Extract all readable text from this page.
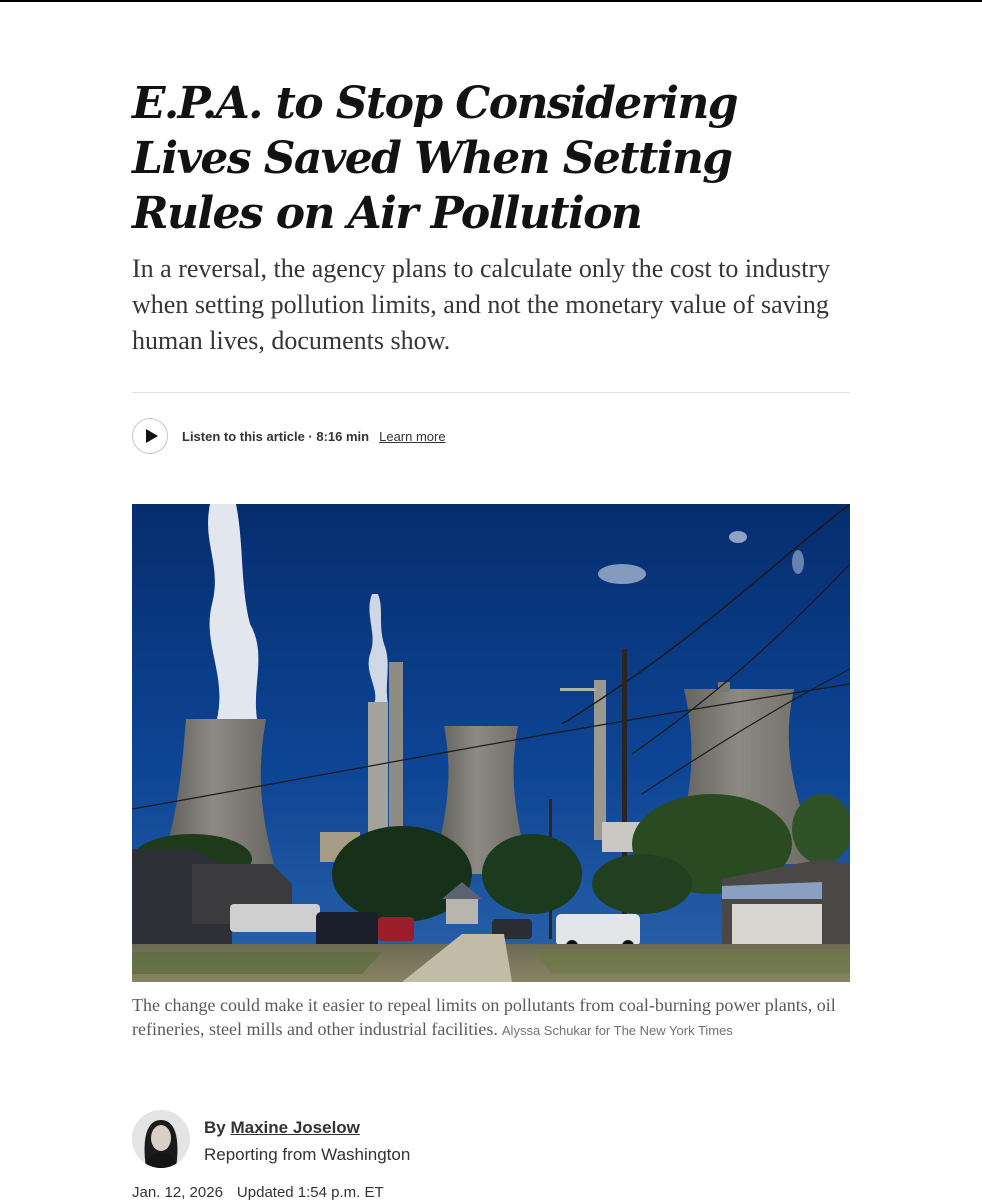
E.P.A. to Stop Considering Lives Saved When Setting Rules on Air Pollution

In a reversal, the agency plans to calculate only the cost to industry when setting pollution limits, and not the monetary value of saving human lives, documents show.

Listen to this article · 8:16 min Learn more

The change could make it easier to repeal limits on pollutants from coal-burning power plants, oil refineries, steel mills and other industrial facilities. Alyssa Schukar for The New York Times

By Maxine Joselow
Reporting from Washington
Jan. 12, 2026 Updated 1:54 p.m. ET
